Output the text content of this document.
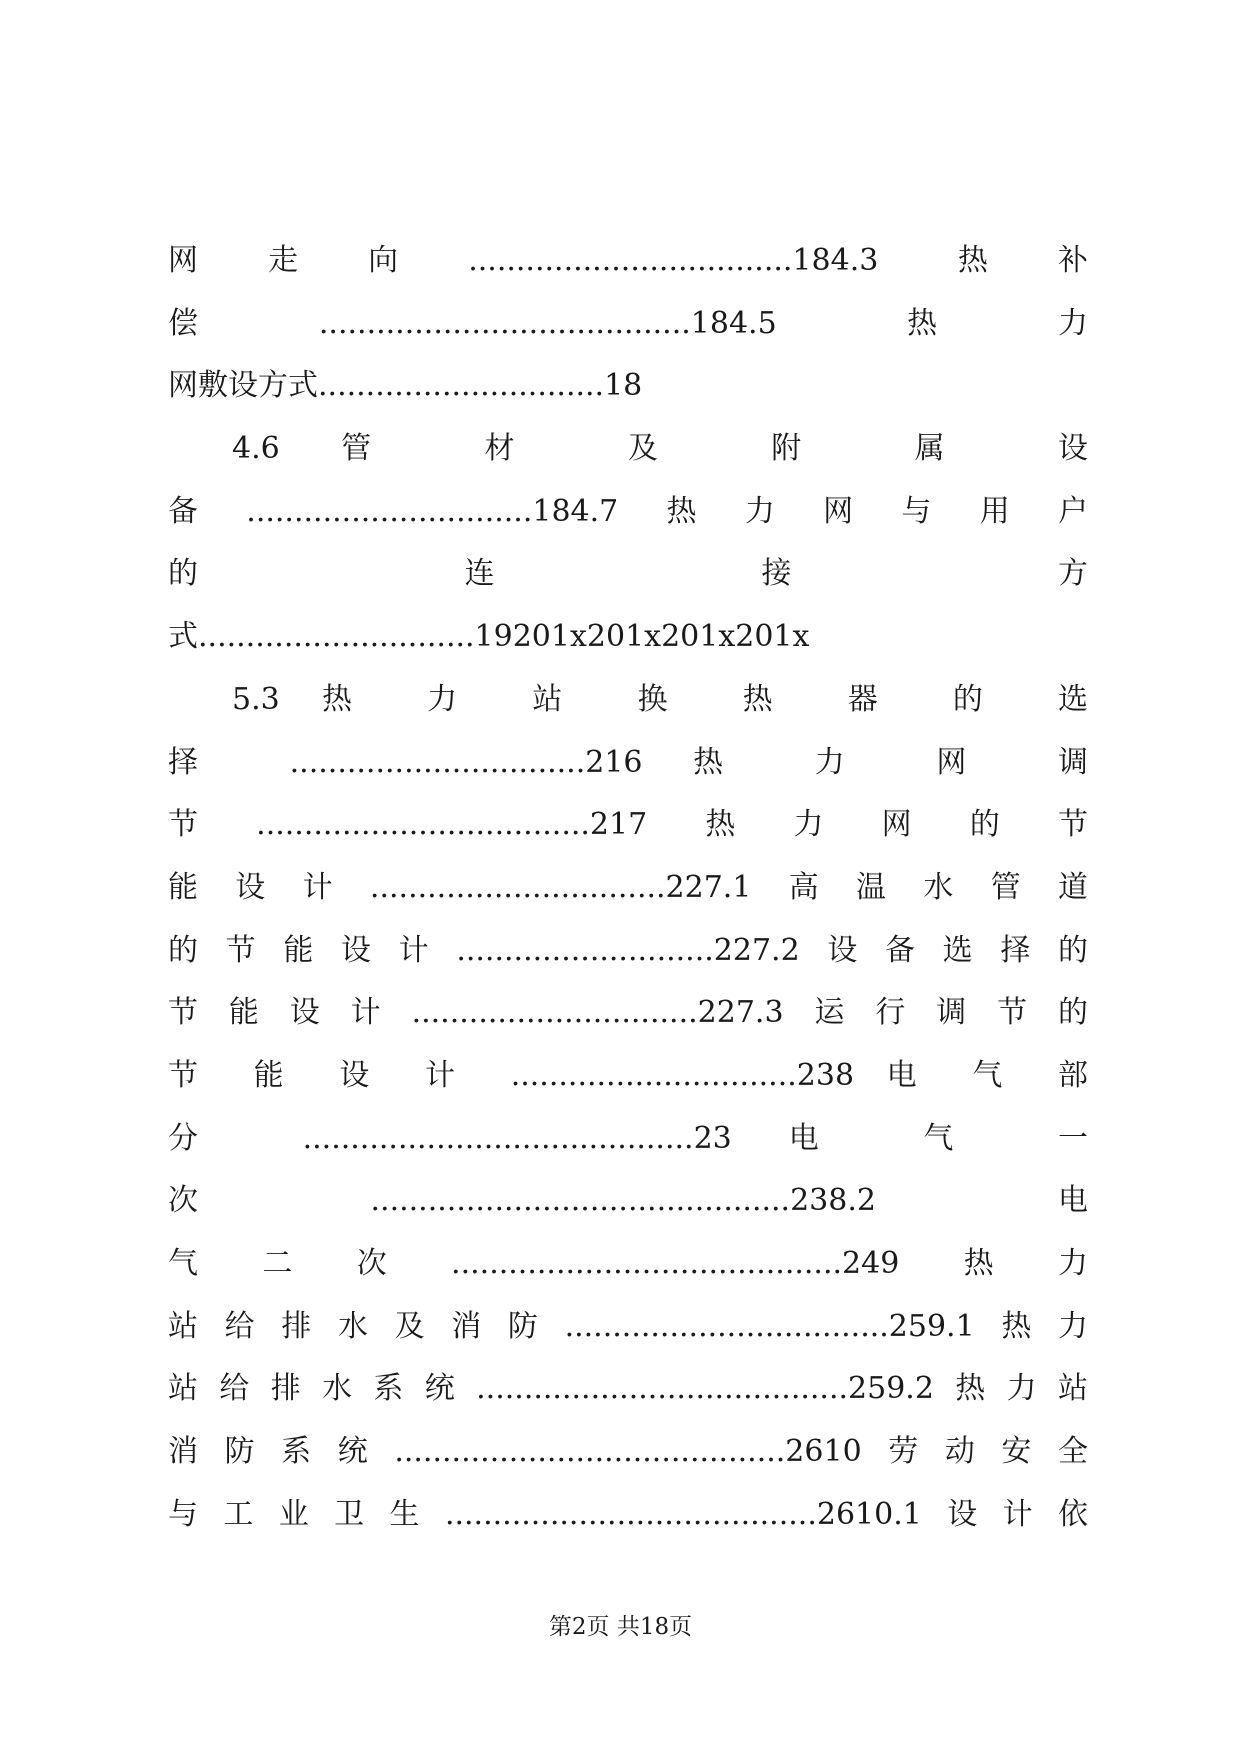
网走向..................................184.3 热补
偿.......................................184.5 热力
网敷设方式..............................18
4.6 管 材 及 附 属 设
备..............................184.7热力网与用户
的 连 接 方
式.............................19201x201x201x201x
5.3 热 力 站 换 热 器 的 选
择 ...............................216 热 力 网 调
节...................................217热力网的节
能设计...............................227.1高温水管道
的节能设计...........................227.2设备选择的
节能设计..............................227.3运行调节的
节 能 设 计 ..............................238 电 气 部
分 .........................................23 电 气 一
次............................................238.2 电
气二次.........................................249热力
站给排水及消防..................................259.1热力
站给排水系统.......................................259.2热力站
消防系统.........................................2610劳动安全
与工业卫生.......................................2610.1设计依
第2页 共18页
